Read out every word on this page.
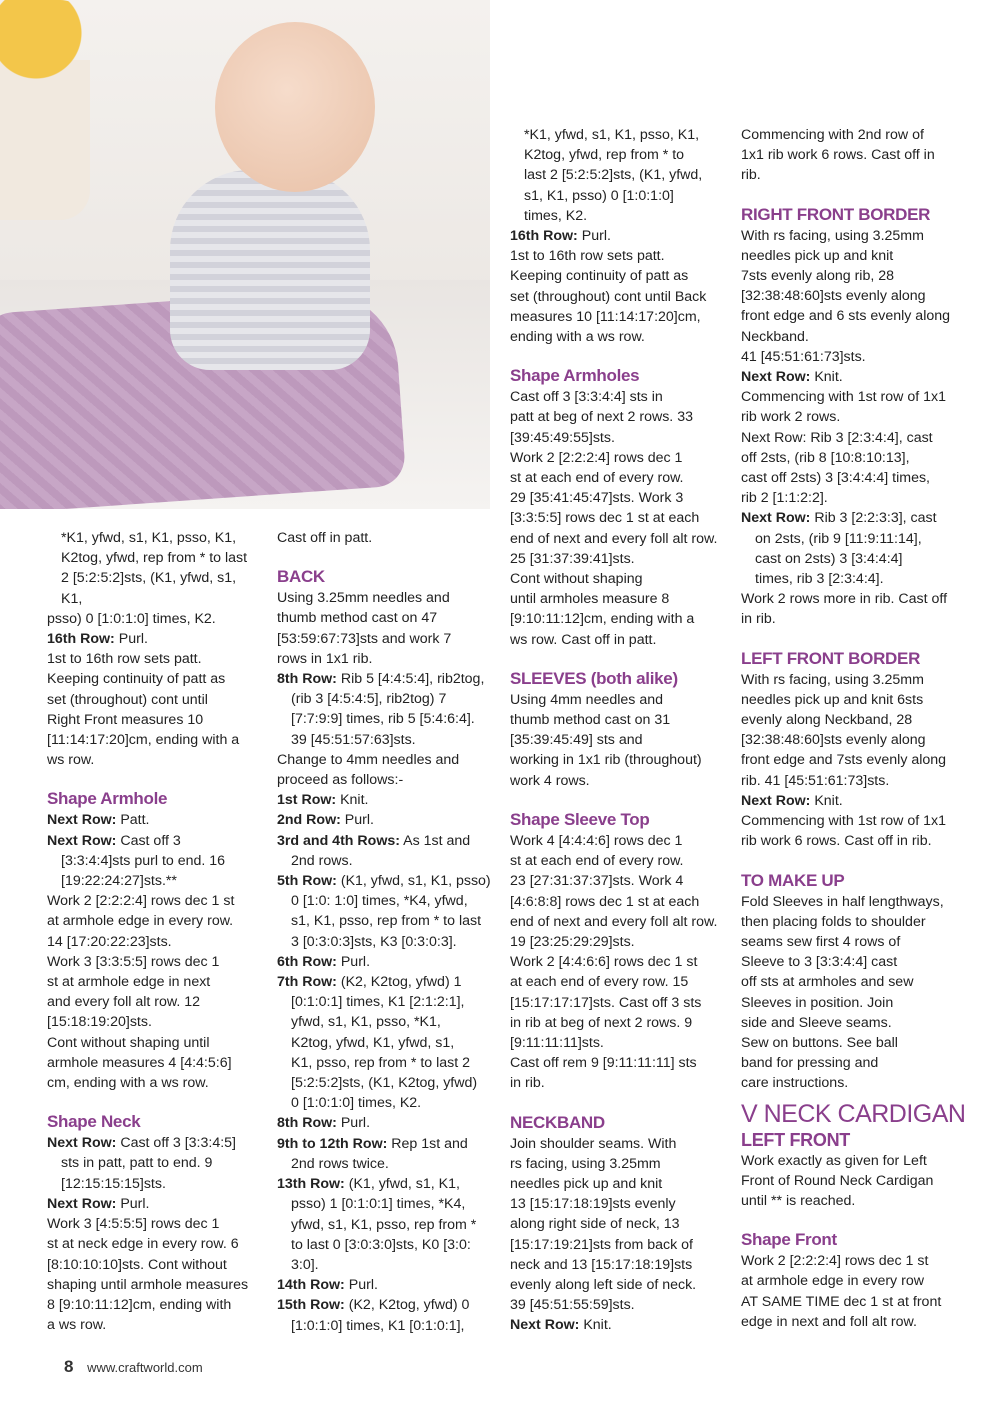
*K1, yfwd, s1, K1, psso, K1,

K2tog, yfwd, rep from * to last

2 [5:2:5:2]sts, (K1, yfwd, s1,

K1,

psso) 0 [1:0:1:0] times, K2.

16th Row: Purl.

1st to 16th row sets patt.

Keeping continuity of patt as

set (throughout) cont until

Right Front measures 10

[11:14:17:20]cm, ending with a

ws row.

Shape Armhole

Next Row: Patt.

Next Row: Cast off 3

[3:3:4:4]sts purl to end. 16

[19:22:24:27]sts.**

Work 2 [2:2:2:4] rows dec 1 st

at armhole edge in every row.

14 [17:20:22:23]sts.

Work 3 [3:3:5:5] rows dec 1

st at armhole edge in next

and every foll alt row. 12

[15:18:19:20]sts.

Cont without shaping until

armhole measures 4 [4:4:5:6]

cm, ending with a ws row.

Shape Neck

Next Row: Cast off 3 [3:3:4:5]

sts in patt, patt to end. 9

[12:15:15:15]sts.

Next Row: Purl.

Work 3 [4:5:5:5] rows dec 1

st at neck edge in every row. 6

[8:10:10:10]sts. Cont without

shaping until armhole measures

8 [9:10:11:12]cm, ending with

a ws row.

Cast off in patt.

BACK

Using 3.25mm needles and

thumb method cast on 47

[53:59:67:73]sts and work 7

rows in 1x1 rib.

8th Row: Rib 5 [4:4:5:4], rib2tog,

(rib 3 [4:5:4:5], rib2tog) 7

[7:7:9:9] times, rib 5 [5:4:6:4].

39 [45:51:57:63]sts.

Change to 4mm needles and

proceed as follows:-

1st Row: Knit.

2nd Row: Purl.

3rd and 4th Rows: As 1st and

2nd rows.

5th Row: (K1, yfwd, s1, K1, psso)

0 [1:0: 1:0] times, *K4, yfwd,

s1, K1, psso, rep from * to last

3 [0:3:0:3]sts, K3 [0:3:0:3].

6th Row: Purl.

7th Row: (K2, K2tog, yfwd) 1

[0:1:0:1] times, K1 [2:1:2:1],

yfwd, s1, K1, psso, *K1,

K2tog, yfwd, K1, yfwd, s1,

K1, psso, rep from * to last 2

[5:2:5:2]sts, (K1, K2tog, yfwd)

0 [1:0:1:0] times, K2.

8th Row: Purl.

9th to 12th Row: Rep 1st and

2nd rows twice.

13th Row: (K1, yfwd, s1, K1,

psso) 1 [0:1:0:1] times, *K4,

yfwd, s1, K1, psso, rep from *

to last 0 [3:0:3:0]sts, K0 [3:0:

3:0].

14th Row: Purl.

15th Row: (K2, K2tog, yfwd) 0

[1:0:1:0] times, K1 [0:1:0:1],

*K1, yfwd, s1, K1, psso, K1,

K2tog, yfwd, rep from * to

last 2 [5:2:5:2]sts, (K1, yfwd,

s1, K1, psso) 0 [1:0:1:0]

times, K2.

16th Row: Purl.

1st to 16th row sets patt.

Keeping continuity of patt as

set (throughout) cont until Back

measures 10 [11:14:17:20]cm,

ending with a ws row.

Shape Armholes

Cast off 3 [3:3:4:4] sts in

patt at beg of next 2 rows. 33

[39:45:49:55]sts.

Work 2 [2:2:2:4] rows dec 1

st at each end of every row.

29 [35:41:45:47]sts. Work 3

[3:3:5:5] rows dec 1 st at each

end of next and every foll alt row.

25 [31:37:39:41]sts.

Cont without shaping

until armholes measure 8

[9:10:11:12]cm, ending with a

ws row. Cast off in patt.

SLEEVES (both alike)

Using 4mm needles and

thumb method cast on 31

[35:39:45:49] sts and

working in 1x1 rib (throughout)

work 4 rows.

Shape Sleeve Top

Work 4 [4:4:4:6] rows dec 1

st at each end of every row.

23 [27:31:37:37]sts. Work 4

[4:6:8:8] rows dec 1 st at each

end of next and every foll alt row.

19 [23:25:29:29]sts.

Work 2 [4:4:6:6] rows dec 1 st

at each end of every row. 15

[15:17:17:17]sts. Cast off 3 sts

in rib at beg of next 2 rows. 9

[9:11:11:11]sts.

Cast off rem 9 [9:11:11:11] sts

in rib.

NECKBAND

Join shoulder seams. With

rs facing, using 3.25mm

needles pick up and knit

13 [15:17:18:19]sts evenly

along right side of neck, 13

[15:17:19:21]sts from back of

neck and 13 [15:17:18:19]sts

evenly along left side of neck.

39 [45:51:55:59]sts.

Next Row: Knit.

Commencing with 2nd row of

1x1 rib work 6 rows. Cast off in

rib.

RIGHT FRONT BORDER

With rs facing, using 3.25mm

needles pick up and knit

7sts evenly along rib, 28

[32:38:48:60]sts evenly along

front edge and 6 sts evenly along

Neckband.

41 [45:51:61:73]sts.

Next Row: Knit.

Commencing with 1st row of 1x1

rib work 2 rows.

Next Row: Rib 3 [2:3:4:4], cast

off 2sts, (rib 8 [10:8:10:13],

cast off 2sts) 3 [3:4:4:4] times,

rib 2 [1:1:2:2].

Next Row: Rib 3 [2:2:3:3], cast

on 2sts, (rib 9 [11:9:11:14],

cast on 2sts) 3 [3:4:4:4]

times, rib 3 [2:3:4:4].

Work 2 rows more in rib. Cast off

in rib.

LEFT FRONT BORDER

With rs facing, using 3.25mm

needles pick up and knit 6sts

evenly along Neckband, 28

[32:38:48:60]sts evenly along

front edge and 7sts evenly along

rib. 41 [45:51:61:73]sts.

Next Row: Knit.

Commencing with 1st row of 1x1

rib work 6 rows. Cast off in rib.

TO MAKE UP

Fold Sleeves in half lengthways,

then placing folds to shoulder

seams sew first 4 rows of

Sleeve to 3 [3:3:4:4] cast

off sts at armholes and sew

Sleeves in position. Join

side and Sleeve seams.

Sew on buttons. See ball

band for pressing and

care instructions.

V NECK CARDIGAN
LEFT FRONT

Work exactly as given for Left

Front of Round Neck Cardigan

until ** is reached.

Shape Front

Work 2 [2:2:2:4] rows dec 1 st

at armhole edge in every row

AT SAME TIME dec 1 st at front

edge in next and foll alt row.

8 www.craftworld.com
